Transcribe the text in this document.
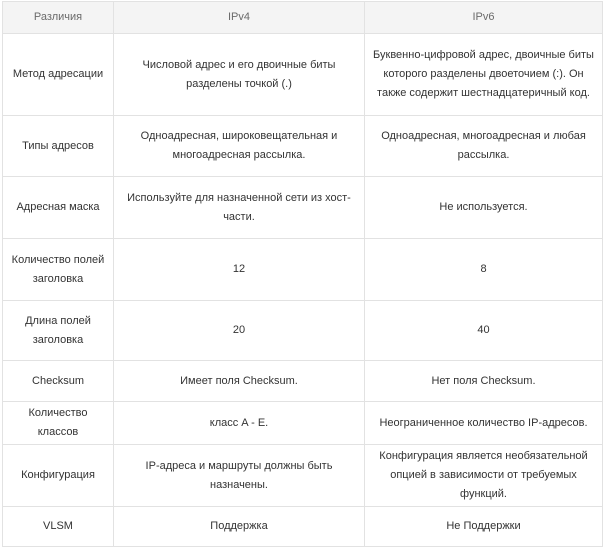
Различия	IPv4	IPv6
Метод адресации	Числовой адрес и его двоичные биты разделены точкой (.)	Буквенно-цифровой адрес, двоичные биты которого разделены двоеточием (:). Он также содержит шестнадцатеричный код.
Типы адресов	Одноадресная, широковещательная и многоадресная рассылка.	Одноадресная, многоадресная и любая рассылка.
Адресная маска	Используйте для назначенной сети из хост-части.	Не используется.
Количество полей заголовка	12	8
Длина полей заголовка	20	40
Checksum	Имеет поля Checksum.	Нет поля Checksum.
Количество классов	класс A - E.	Неограниченное количество IP-адресов.
Конфигурация	IP-адреса и маршруты должны быть назначены.	Конфигурация является необязательной опцией в зависимости от требуемых функций.
VLSM	Поддержка	Не Поддержки
